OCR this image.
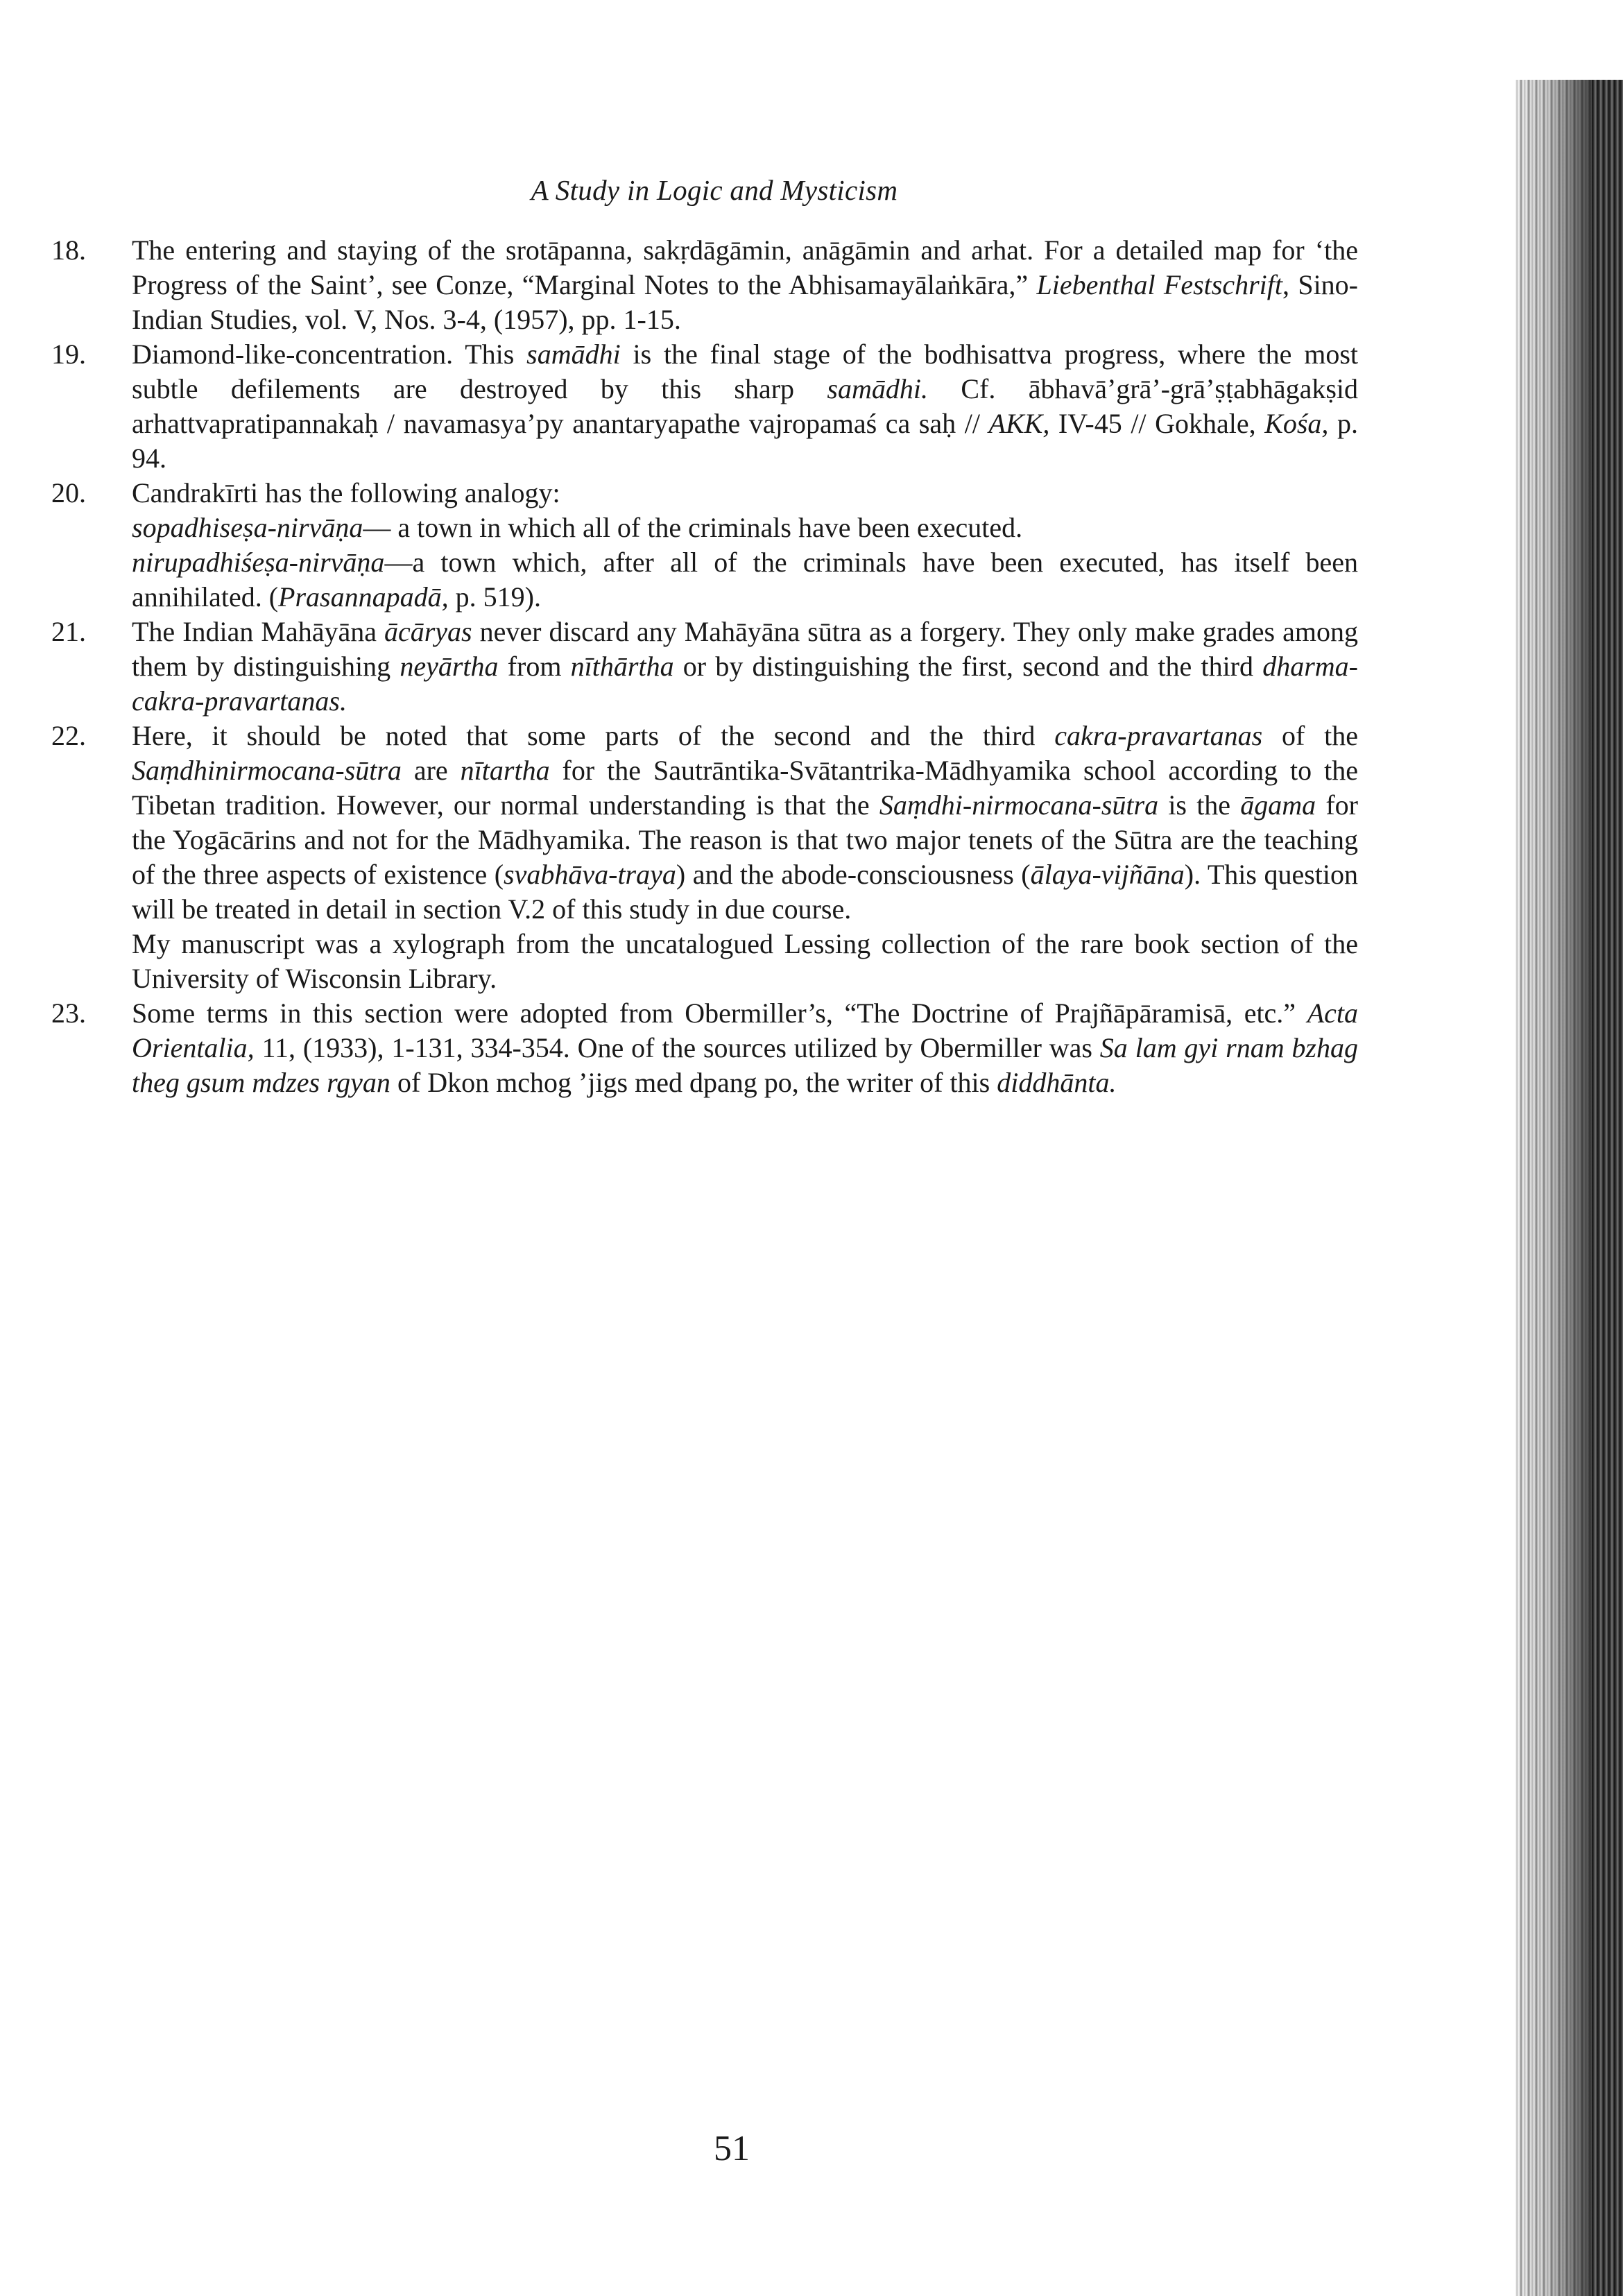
A Study in Logic and Mysticism
18.	The entering and staying of the srotāpanna, sakṛdāgāmin, anāgāmin and arhat. For a detailed map for ‘the Progress of the Saint’, see Conze, “Marginal Notes to the Abhisamayālaṅkāra,” Liebenthal Festschrift, Sino-Indian Studies, vol. V, Nos. 3-4, (1957), pp. 1-15.

19.	Diamond-like-concentration. This samādhi is the final stage of the bodhisattva progress, where the most subtle defilements are destroyed by this sharp samādhi. Cf. ābhavā’grā’-grā’ṣṭabhāgakṣid arhattvapratipannakaḥ / navamasya’py anantaryapathe vajropamaś ca saḥ // AKK, IV-45 // Gokhale, Kośa, p. 94.

20.	Candrakīrti has the following analogy:

sopadhiseṣa-nirvāṇa— a town in which all of the criminals have been executed.

nirupadhiśeṣa-nirvāṇa—a town which, after all of the criminals have been executed, has itself been annihilated. (Prasannapadā, p. 519).

21.	The Indian Mahāyāna ācāryas never discard any Mahāyāna sūtra as a forgery. They only make grades among them by distinguishing neyārtha from nīthārtha or by distinguishing the first, second and the third dharma-cakra-pravartanas.

22.	Here, it should be noted that some parts of the second and the third cakra-pravartanas of the Saṃdhinirmocana-sūtra are nītartha for the Sautrāntika-Svātantrika-Mādhyamika school according to the Tibetan tradition. However, our normal understanding is that the Saṃdhi-nirmocana-sūtra is the āgama for the Yogācārins and not for the Mādhyamika. The reason is that two major tenets of the Sūtra are the teaching of the three aspects of existence (svabhāva-traya) and the abode-consciousness (ālaya-vijñāna). This question will be treated in detail in section V.2 of this study in due course.

My manuscript was a xylograph from the uncatalogued Lessing collection of the rare book section of the University of Wisconsin Library.

23.	Some terms in this section were adopted from Obermiller’s, “The Doctrine of Prajñāpāramisā, etc.” Acta Orientalia, 11, (1933), 1-131, 334-354. One of the sources utilized by Obermiller was Sa lam gyi rnam bzhag theg gsum mdzes rgyan of Dkon mchog ’jigs med dpang po, the writer of this diddhānta.

51
